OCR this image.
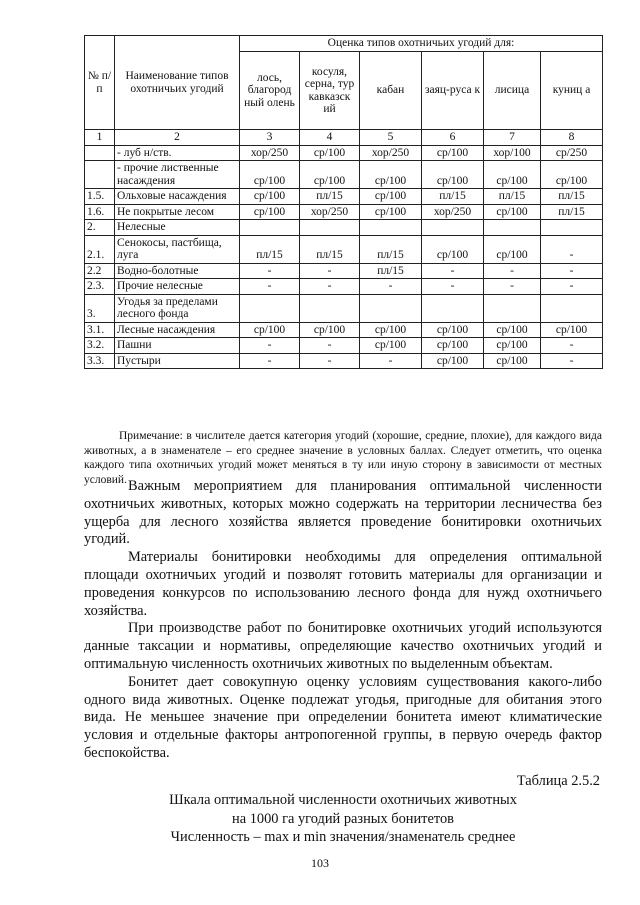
№ п/п	Наименование типов охотничьих угодий	Оценка типов охотничьих угодий для:					
		лось, благород ный олень	косуля, серна, тур кавказск ий	кабан	заяц-руса к	лисица	куниц а
1	2	3	4	5	6	7	8
	- луб н/ств.	хор/250	ср/100	хор/250	ср/100	хор/100	ср/250
	- прочие лиственные насаждения	ср/100	ср/100	ср/100	ср/100	ср/100	ср/100
1.5.	Ольховые насаждения	ср/100	пл/15	ср/100	пл/15	пл/15	пл/15
1.6.	Не покрытые лесом	ср/100	хор/250	ср/100	хор/250	ср/100	пл/15
2.	Нелесные						
2.1.	Сенокосы, пастбища, луга	пл/15	пл/15	пл/15	ср/100	ср/100	-
2.2	Водно-болотные	-	-	пл/15	-	-	-
2.3.	Прочие нелесные	-	-	-	-	-	-
3.	Угодья за пределами лесного фонда						
3.1.	Лесные насаждения	ср/100	ср/100	ср/100	ср/100	ср/100	ср/100
3.2.	Пашни	-	-	ср/100	ср/100	ср/100	-
3.3.	Пустыри	-	-	-	ср/100	ср/100	-

Примечание: в числителе дается категория угодий (хорошие, средние, плохие), для каждого вида животных, а в знаменателе – его среднее значение в условных баллах. Следует отметить, что оценка каждого типа охотничьих угодий может меняться в ту или иную сторону в зависимости от местных условий. Важным мероприятием для планирования оптимальной численности охотничьих животных, которых можно содержать на территории лесничества без ущерба для лесного хозяйства является проведение бонитировки охотничьих угодий.

Материалы бонитировки необходимы для определения оптимальной площади охотничьих угодий и позволят готовить материалы для организации и проведения конкурсов по использованию лесного фонда для нужд охотничьего хозяйства.

При производстве работ по бонитировке охотничьих угодий используются данные таксации и нормативы, определяющие качество охотничьих угодий и оптимальную численность охотничьих животных по выделенным объектам.

Бонитет дает совокупную оценку условиям существования какого-либо одного вида животных. Оценке подлежат угодья, пригодные для обитания этого вида. Не меньшее значение при определении бонитета имеют климатические условия и отдельные факторы антропогенной группы, в первую очередь фактор беспокойства.

Таблица 2.5.2
Шкала оптимальной численности охотничьих животных
на 1000 га угодий разных бонитетов
Численность – max и min значения/знаменатель среднее
103
